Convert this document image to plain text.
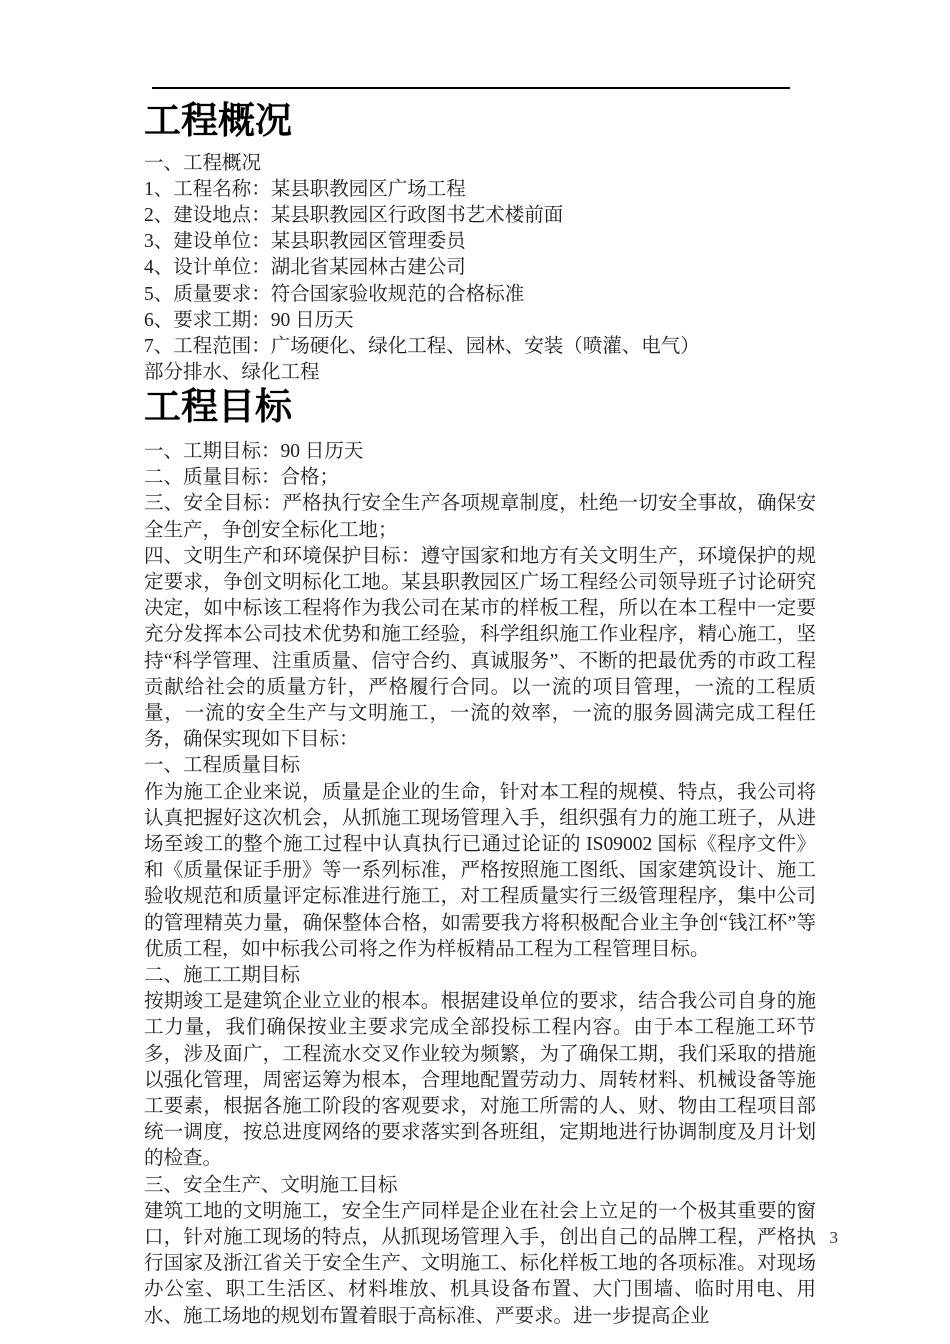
工程概况

一、工程概况

1、工程名称：某县职教园区广场工程

2、建设地点：某县职教园区行政图书艺术楼前面

3、建设单位：某县职教园区管理委员

4、设计单位：湖北省某园林古建公司

5、质量要求：符合国家验收规范的合格标准

6、要求工期：90 日历天

7、工程范围：广场硬化、绿化工程、园林、安装（喷灌、电气）

部分排水、绿化工程

工程目标

一、工期目标：90 日历天

二、质量目标：合格；

三、安全目标：严格执行安全生产各项规章制度，杜绝一切安全事故，确保安全生产，争创安全标化工地；

四、文明生产和环境保护目标：遵守国家和地方有关文明生产，环境保护的规定要求，争创文明标化工地。某县职教园区广场工程经公司领导班子讨论研究决定，如中标该工程将作为我公司在某市的样板工程，所以在本工程中一定要充分发挥本公司技术优势和施工经验，科学组织施工作业程序，精心施工，坚持“科学管理、注重质量、信守合约、真诚服务”、不断的把最优秀的市政工程贡献给社会的质量方针，严格履行合同。以一流的项目管理，一流的工程质量，一流的安全生产与文明施工，一流的效率，一流的服务圆满完成工程任务，确保实现如下目标：

一、工程质量目标

作为施工企业来说，质量是企业的生命，针对本工程的规模、特点，我公司将认真把握好这次机会，从抓施工现场管理入手，组织强有力的施工班子，从进场至竣工的整个施工过程中认真执行已通过论证的 IS09002 国标《程序文件》和《质量保证手册》等一系列标准，严格按照施工图纸、国家建筑设计、施工验收规范和质量评定标准进行施工，对工程质量实行三级管理程序，集中公司的管理精英力量，确保整体合格，如需要我方将积极配合业主争创“钱江杯”等优质工程，如中标我公司将之作为样板精品工程为工程管理目标。

二、施工工期目标

按期竣工是建筑企业立业的根本。根据建设单位的要求，结合我公司自身的施工力量，我们确保按业主要求完成全部投标工程内容。由于本工程施工环节多，涉及面广，工程流水交叉作业较为频繁，为了确保工期，我们采取的措施以强化管理，周密运筹为根本，合理地配置劳动力、周转材料、机械设备等施工要素，根据各施工阶段的客观要求，对施工所需的人、财、物由工程项目部统一调度，按总进度网络的要求落实到各班组，定期地进行协调制度及月计划的检查。

三、安全生产、文明施工目标

建筑工地的文明施工，安全生产同样是企业在社会上立足的一个极其重要的窗口，针对施工现场的特点，从抓现场管理入手，创出自己的品牌工程，严格执行国家及浙江省关于安全生产、文明施工、标化样板工地的各项标准。对现场办公室、职工生活区、材料堆放、机具设备布置、大门围墙、临时用电、用水、施工场地的规划布置着眼于高标准、严要求。进一步提高企业

3
